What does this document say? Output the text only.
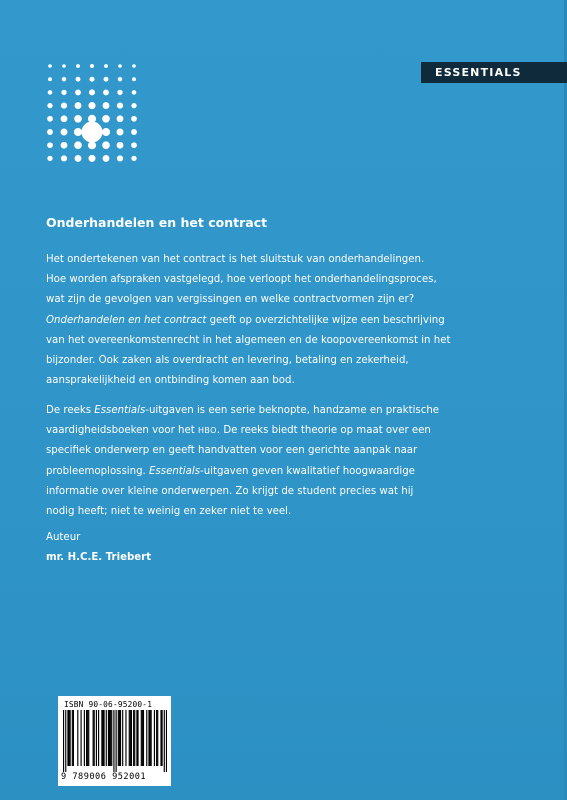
ESSENTIALS
Onderhandelen en het contract
Het ondertekenen van het contract is het sluitstuk van onderhandelingen.
Hoe worden afspraken vastgelegd, hoe verloopt het onderhandelingsproces,
wat zijn de gevolgen van vergissingen en welke contractvormen zijn er?
Onderhandelen en het contract geeft op overzichtelijke wijze een beschrijving
van het overeenkomstenrecht in het algemeen en de koopovereenkomst in het
bijzonder. Ook zaken als overdracht en levering, betaling en zekerheid,
aansprakelijkheid en ontbinding komen aan bod.
De reeks Essentials-uitgaven is een serie beknopte, handzame en praktische
vaardigheidsboeken voor het HBO. De reeks biedt theorie op maat over een
specifiek onderwerp en geeft handvatten voor een gerichte aanpak naar
probleemoplossing. Essentials-uitgaven geven kwalitatief hoogwaardige
informatie over kleine onderwerpen. Zo krijgt de student precies wat hij
nodig heeft; niet te weinig en zeker niet te veel.
Auteur
mr. H.C.E. Triebert
ISBN 90-06-95200-1
9 789006 952001
